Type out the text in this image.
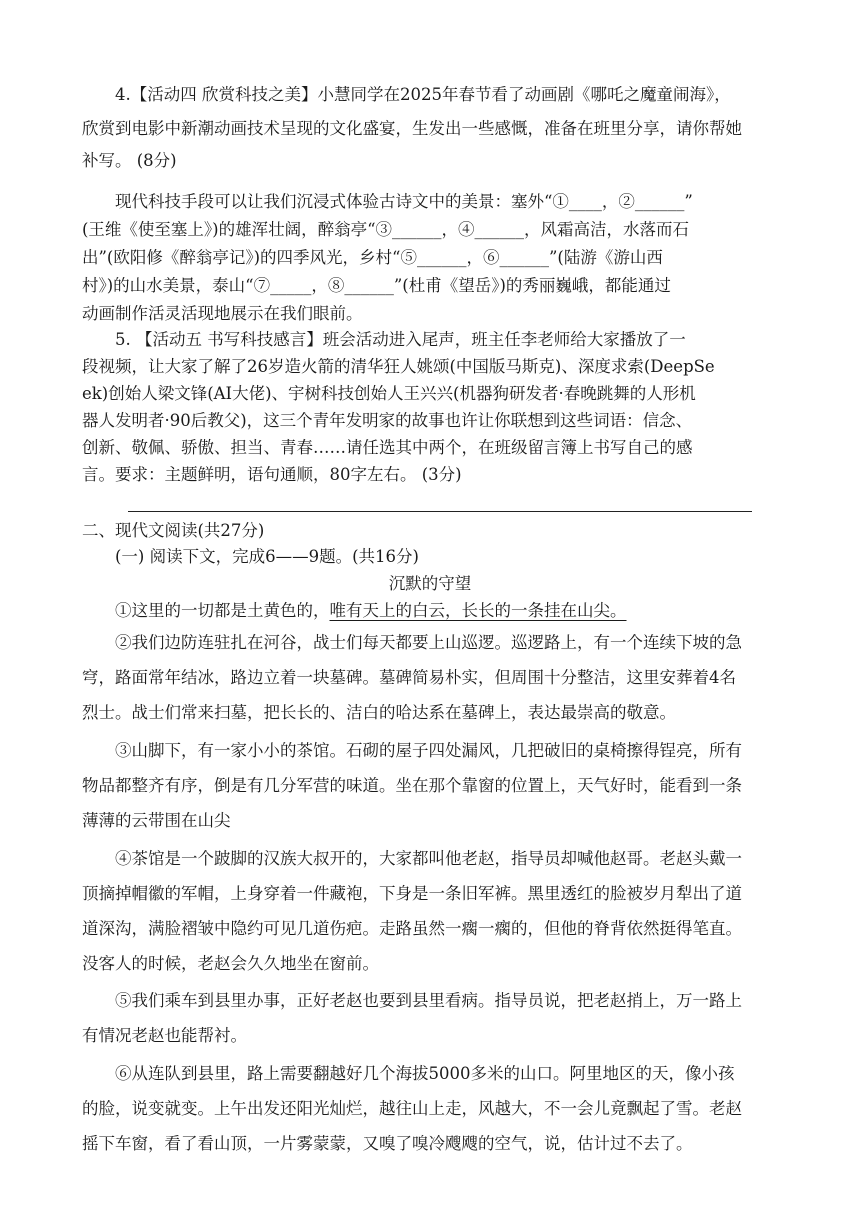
4.【活动四 欣赏科技之美】小慧同学在2025年春节看了动画剧《哪吒之魔童闹海》，

欣赏到电影中新潮动画技术呈现的文化盛宴，生发出一些感慨，准备在班里分享，请你帮她

补写。 (8分)

现代科技手段可以让我们沉浸式体验古诗文中的美景：塞外“①____，②______”

(王维《使至塞上》)的雄浑壮阔，醉翁亭“③______，④______，风霜高洁，水落而石

出”(欧阳修《醉翁亭记》)的四季风光，乡村“⑤______，⑥______”(陆游《游山西

村》)的山水美景，泰山“⑦_____，⑧______”(杜甫《望岳》)的秀丽巍峨，都能通过

动画制作活灵活现地展示在我们眼前。

5. 【活动五 书写科技感言】班会活动进入尾声，班主任李老师给大家播放了一

段视频，让大家了解了26岁造火箭的清华狂人姚颂(中国版马斯克)、深度求索(DeepSe

ek)创始人梁文锋(AI大佬)、宇树科技创始人王兴兴(机器狗研发者·春晚跳舞的人形机

器人发明者·90后教父)，这三个青年发明家的故事也许让你联想到这些词语：信念、

创新、敬佩、骄傲、担当、青春……请任选其中两个，在班级留言簿上书写自己的感

言。要求：主题鲜明，语句通顺，80字左右。 (3分)

二、现代文阅读(共27分)
(一) 阅读下文，完成6——9题。(共16分)
沉默的守望

①这里的一切都是土黄色的，唯有天上的白云，长长的一条挂在山尖。

②我们边防连驻扎在河谷，战士们每天都要上山巡逻。巡逻路上，有一个连续下坡的急

穹，路面常年结冰，路边立着一块墓碑。墓碑简易朴实，但周围十分整洁，这里安葬着4名

烈士。战士们常来扫墓，把长长的、洁白的哈达系在墓碑上，表达最崇高的敬意。

③山脚下，有一家小小的茶馆。石砌的屋子四处漏风，几把破旧的桌椅擦得锃亮，所有

物品都整齐有序，倒是有几分军营的味道。坐在那个靠窗的位置上，天气好时，能看到一条

薄薄的云带围在山尖

④茶馆是一个跛脚的汉族大叔开的，大家都叫他老赵，指导员却喊他赵哥。老赵头戴一

顶摘掉帽徽的军帽，上身穿着一件藏袍，下身是一条旧军裤。黑里透红的脸被岁月犁出了道

道深沟，满脸褶皱中隐约可见几道伤疤。走路虽然一瘸一瘸的，但他的脊背依然挺得笔直。

没客人的时候，老赵会久久地坐在窗前。

⑤我们乘车到县里办事，正好老赵也要到县里看病。指导员说，把老赵捎上，万一路上

有情况老赵也能帮衬。

⑥从连队到县里，路上需要翻越好几个海拔5000多米的山口。阿里地区的天，像小孩

的脸，说变就变。上午出发还阳光灿烂，越往山上走，风越大，不一会儿竟飘起了雪。老赵

摇下车窗，看了看山顶，一片雾蒙蒙，又嗅了嗅冷飕飕的空气，说，估计过不去了。
